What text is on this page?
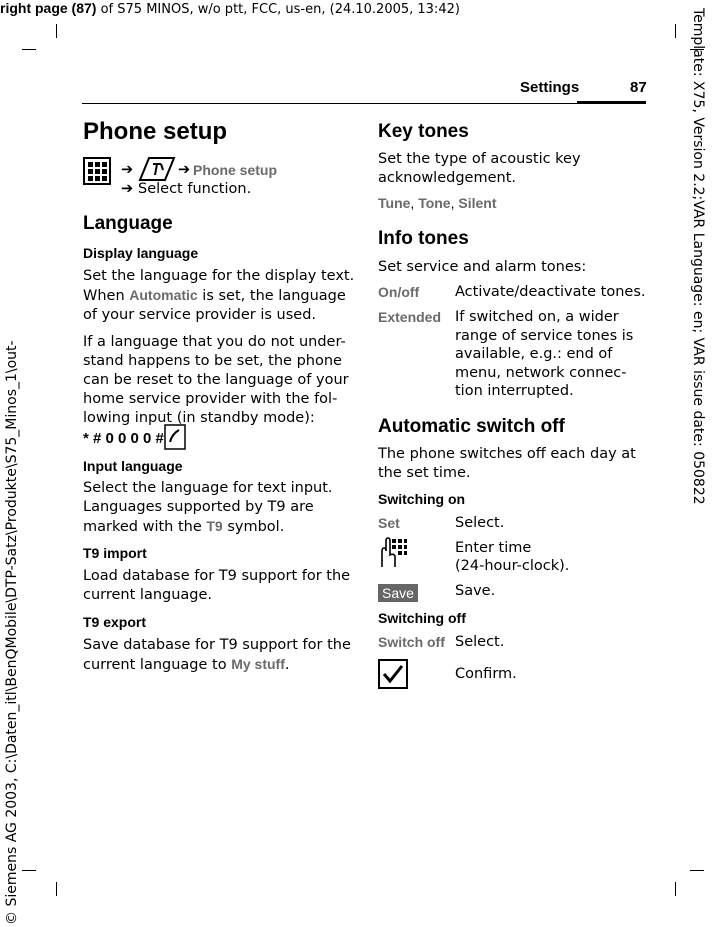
right page (87) of S75 MINOS, w/o ptt, FCC, us-en, (24.10.2005, 13:42)	Template: X75, Version 2.2;VAR Language: en; VAR issue date: 050822
© Siemens AG 2003, C:\Daten_itl\BenQMobile\DTP-Satz\Produkte\S75_Minos_1\out-
Settings	87
Phone setup
➔	➔ Phone setup
➔ Select function.
Language
Display language
Set the language for the display text.
When Automatic is set, the language
of your service provider is used.
If a language that you do not under-
stand happens to be set, the phone
can be reset to the language of your
home service provider with the fol-
lowing input (in standby mode):
* # 0 0 0 0 #
Input language
Select the language for text input.
Languages supported by T9 are
marked with the T9 symbol.
T9 import
Load database for T9 support for the
current language.
T9 export
Save database for T9 support for the
current language to My stuff.
Key tones
Set the type of acoustic key
acknowledgement.
Tune, Tone, Silent
Info tones
Set service and alarm tones:
On/off Activate/deactivate tones.
Extended If switched on, a wider
range of service tones is
available, e.g.: end of
menu, network connec-
tion interrupted.
Automatic switch off
The phone switches off each day at
the set time.
Switching on
Set	Select.
Enter time
(24-hour-clock).
Save	Save.
Switching off
Switch off Select.
Confirm.
